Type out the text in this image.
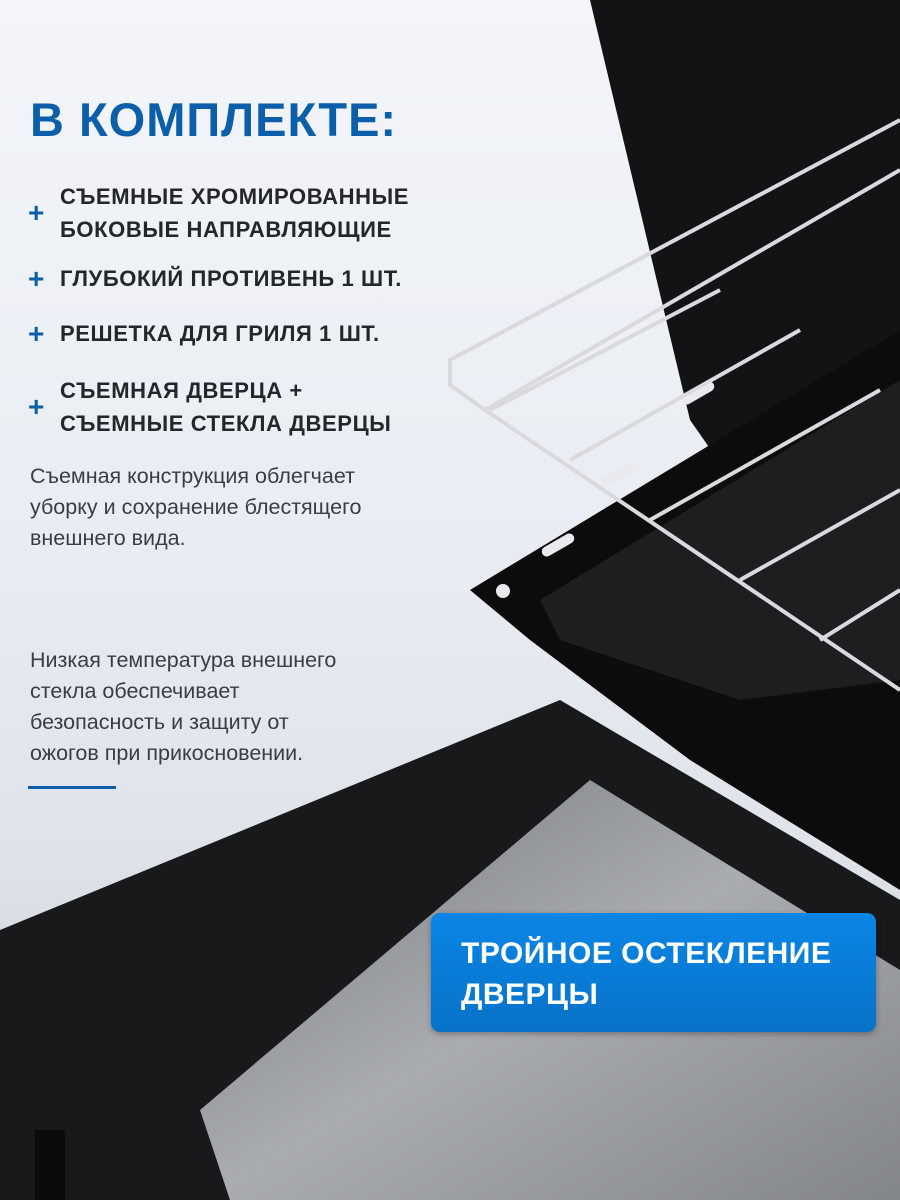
В КОМПЛЕКТЕ:
+
СЪЕМНЫЕ ХРОМИРОВАННЫЕ
БОКОВЫЕ НАПРАВЛЯЮЩИЕ
+ ГЛУБОКИЙ ПРОТИВЕНЬ 1 ШТ.
+ РЕШЕТКА ДЛЯ ГРИЛЯ 1 ШТ.
+
СЪЕМНАЯ ДВЕРЦА +
СЪЕМНЫЕ СТЕКЛА ДВЕРЦЫ

Съемная конструкция облегчает
уборку и сохранение блестящего
внешнего вида.

Низкая температура внешнего
стекла обеспечивает
безопасность и защиту от
ожогов при прикосновении.

ТРОЙНОЕ ОСТЕКЛЕНИЕ
ДВЕРЦЫ
